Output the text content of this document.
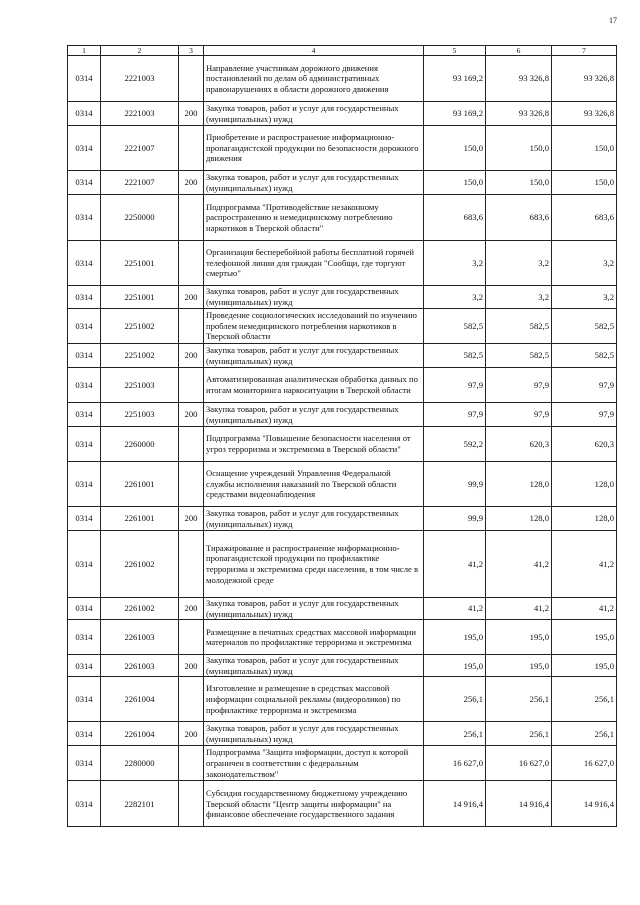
17
1	2	3	4	5	6	7
0314	2221003		Направление участникам дорожного движения постановлений по делам об административных правонарушениях в области дорожного движения	93 169,2	93 326,8	93 326,8
0314	2221003	200	Закупка товаров, работ и услуг для государственных (муниципальных) нужд	93 169,2	93 326,8	93 326,8
0314	2221007		Приобретение и распространение информационно-пропагандистской продукции по безопасности дорожного движения	150,0	150,0	150,0
0314	2221007	200	Закупка товаров, работ и услуг для государственных (муниципальных) нужд	150,0	150,0	150,0
0314	2250000		Подпрограмма "Противодействие незаконному распространению и немедицинскому потреблению наркотиков в Тверской области"	683,6	683,6	683,6
0314	2251001		Организация бесперебойной работы бесплатной горячей телефонной линии для граждан "Сообщи, где торгуют смертью"	3,2	3,2	3,2
0314	2251001	200	Закупка товаров, работ и услуг для государственных (муниципальных) нужд	3,2	3,2	3,2
0314	2251002		Проведение социологических исследований по изучению проблем немедицинского потребления наркотиков в Тверской области	582,5	582,5	582,5
0314	2251002	200	Закупка товаров, работ и услуг для государственных (муниципальных) нужд	582,5	582,5	582,5
0314	2251003		Автоматизированная аналитическая обработка данных по итогам мониторинга наркоситуации в Тверской области	97,9	97,9	97,9
0314	2251003	200	Закупка товаров, работ и услуг для государственных (муниципальных) нужд	97,9	97,9	97,9
0314	2260000		Подпрограмма "Повышение безопасности населения от угроз терроризма и экстремизма в Тверской области"	592,2	620,3	620,3
0314	2261001		Оснащение учреждений Управления Федеральной службы исполнения наказаний по Тверской области средствами видеонаблюдения	99,9	128,0	128,0
0314	2261001	200	Закупка товаров, работ и услуг для государственных (муниципальных) нужд	99,9	128,0	128,0
0314	2261002		Тиражирование и распространение информационно-пропагандистской продукции по профилактике терроризма и экстремизма среди населения, в том числе в молодежной среде	41,2	41,2	41,2
0314	2261002	200	Закупка товаров, работ и услуг для государственных (муниципальных) нужд	41,2	41,2	41,2
0314	2261003		Размещение в печатных средствах массовой информации материалов по профилактике терроризма и экстремизма	195,0	195,0	195,0
0314	2261003	200	Закупка товаров, работ и услуг для государственных (муниципальных) нужд	195,0	195,0	195,0
0314	2261004		Изготовление и размещение в средствах массовой информации социальной рекламы (видеороликов) по профилактике терроризма и экстремизма	256,1	256,1	256,1
0314	2261004	200	Закупка товаров, работ и услуг для государственных (муниципальных) нужд	256,1	256,1	256,1
0314	2280000		Подпрограмма "Защита информации, доступ к которой ограничен в соответствии с федеральным законодательством"	16 627,0	16 627,0	16 627,0
0314	2282101		Субсидия государственному бюджетному учреждению Тверской области "Центр защиты информации" на финансовое обеспечение государственного задания	14 916,4	14 916,4	14 916,4
